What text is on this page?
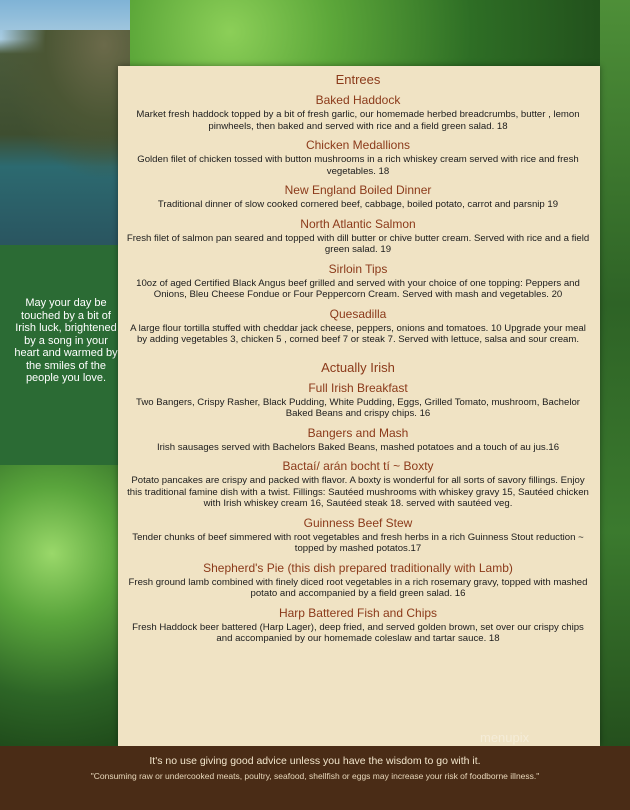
May your day be touched by a bit of Irish luck, brightened by a song in your heart and warmed by the smiles of the people you love.
Entrees
Baked Haddock
Market fresh haddock topped by a bit of fresh garlic, our homemade herbed breadcrumbs, butter , lemon pinwheels, then baked and served with rice and a field green salad. 18
Chicken Medallions
Golden filet of chicken tossed with button mushrooms in a rich whiskey cream served with rice and fresh vegetables. 18
New England Boiled Dinner
Traditional dinner of slow cooked cornered beef, cabbage, boiled potato, carrot and parsnip 19
North Atlantic Salmon
Fresh filet of salmon pan seared and topped with dill butter or chive butter cream. Served with rice and a field green salad. 19
Sirloin Tips
10oz of aged Certified Black Angus beef grilled and served with your choice of one topping: Peppers and Onions, Bleu Cheese Fondue or Four Peppercorn Cream. Served with mash and vegetables. 20
Quesadilla
A large flour tortilla stuffed with cheddar jack cheese, peppers, onions and tomatoes. 10 Upgrade your meal by adding vegetables 3, chicken 5 , corned beef 7 or steak 7. Served with lettuce, salsa and sour cream.
Actually Irish
Full Irish Breakfast
Two Bangers, Crispy Rasher, Black Pudding, White Pudding, Eggs, Grilled Tomato, mushroom, Bachelor Baked Beans and crispy chips. 16
Bangers and Mash
Irish sausages served with Bachelors Baked Beans, mashed potatoes and a touch of au jus.16
Bactaí/ arán bocht tí ~ Boxty
Potato pancakes are crispy and packed with flavor. A boxty is wonderful for all sorts of savory fillings. Enjoy this traditional famine dish with a twist. Fillings: Sautéed mushrooms with whiskey gravy 15, Sautéed chicken with Irish whiskey cream 16, Sautéed steak 18. served with sautéed veg.
Guinness Beef Stew
Tender chunks of beef simmered with root vegetables and fresh herbs in a rich Guinness Stout reduction ~ topped by mashed potatos.17
Shepherd's Pie (this dish prepared traditionally with Lamb)
Fresh ground lamb combined with finely diced root vegetables in a rich rosemary gravy, topped with mashed potato and accompanied by a field green salad. 16
Harp Battered Fish and Chips
Fresh Haddock beer battered (Harp Lager), deep fried, and served golden brown, set over our crispy chips and accompanied by our homemade coleslaw and tartar sauce. 18
menupix
It's no use giving good advice unless you have the wisdom to go with it.
"Consuming raw or undercooked meats, poultry, seafood, shellfish or eggs may increase your risk of foodborne illness."
